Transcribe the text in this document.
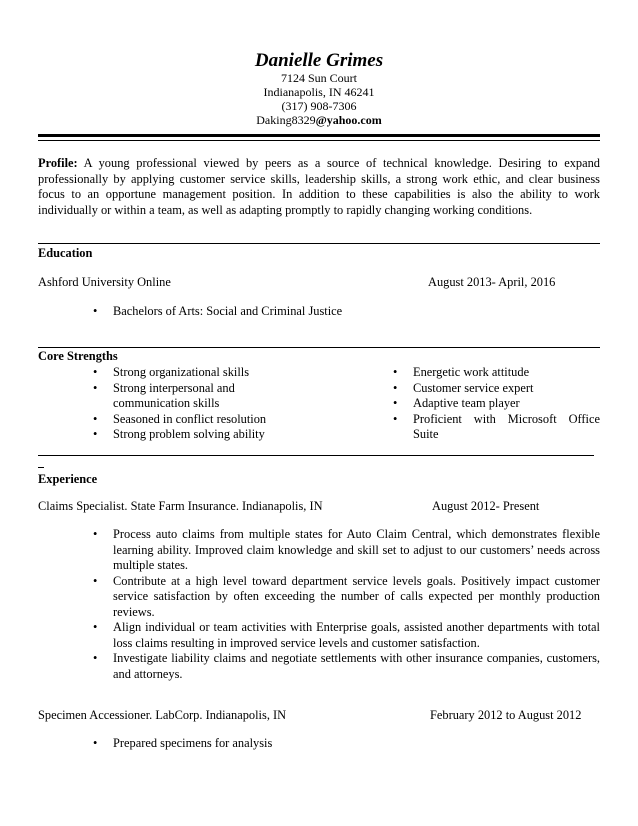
Danielle Grimes
7124 Sun Court
Indianapolis, IN 46241
(317) 908-7306
Daking8329@yahoo.com
Profile: A young professional viewed by peers as a source of technical knowledge. Desiring to expand professionally by applying customer service skills, leadership skills, a strong work ethic, and clear business focus to an opportune management position. In addition to these capabilities is also the ability to work individually or within a team, as well as adapting promptly to rapidly changing working conditions.
Education
Ashford University Online	August 2013- April, 2016
• Bachelors of Arts: Social and Criminal Justice
Core Strengths
• Strong organizational skills
• Strong interpersonal and communication skills
• Seasoned in conflict resolution
• Strong problem solving ability
• Energetic work attitude
• Customer service expert
• Adaptive team player
• Proficient with Microsoft Office Suite
Experience
Claims Specialist. State Farm Insurance. Indianapolis, IN	August 2012- Present
• Process auto claims from multiple states for Auto Claim Central, which demonstrates flexible learning ability. Improved claim knowledge and skill set to adjust to our customers’ needs across multiple states.
• Contribute at a high level toward department service levels goals. Positively impact customer service satisfaction by often exceeding the number of calls expected per monthly production reviews.
• Align individual or team activities with Enterprise goals, assisted another departments with total loss claims resulting in improved service levels and customer satisfaction.
• Investigate liability claims and negotiate settlements with other insurance companies, customers, and attorneys.
Specimen Accessioner. LabCorp. Indianapolis, IN	February 2012 to August 2012
• Prepared specimens for analysis
